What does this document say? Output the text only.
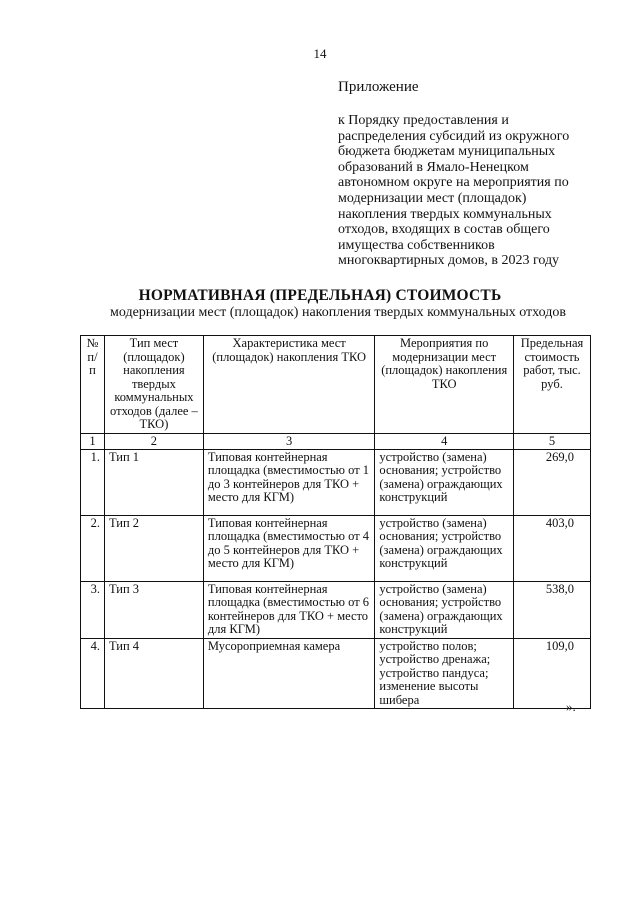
14
Приложение
к Порядку предоставления и распределения субсидий из окружного бюджета бюджетам муниципальных образований в Ямало-Ненецком автономном округе на мероприятия по модернизации мест (площадок) накопления твердых коммунальных отходов, входящих в состав общего имущества собственников многоквартирных домов, в 2023 году
НОРМАТИВНАЯ (ПРЕДЕЛЬНАЯ) СТОИМОСТЬ
модернизации мест (площадок) накопления твердых коммунальных отходов
№ п/п	Тип мест (площадок) накопления твердых коммунальных отходов (далее – ТКО)	Характеристика мест (площадок) накопления ТКО	Мероприятия по модернизации мест (площадок) накопления ТКО	Предельная стоимость работ, тыс. руб.
1	2	3	4	5
1.	Тип 1	Типовая контейнерная площадка (вместимостью от 1 до 3 контейнеров для ТКО + место для КГМ)	устройство (замена) основания; устройство (замена) ограждающих конструкций	269,0
2.	Тип 2	Типовая контейнерная площадка (вместимостью от 4 до 5 контейнеров для ТКО + место для КГМ)	устройство (замена) основания; устройство (замена) ограждающих конструкций	403,0
3.	Тип 3	Типовая контейнерная площадка (вместимостью от 6 контейнеров для ТКО + место для КГМ)	устройство (замена) основания; устройство (замена) ограждающих конструкций	538,0
4.	Тип 4	Мусороприемная камера	устройство полов; устройство дренажа; устройство пандуса; изменение высоты шибера	109,0
».
